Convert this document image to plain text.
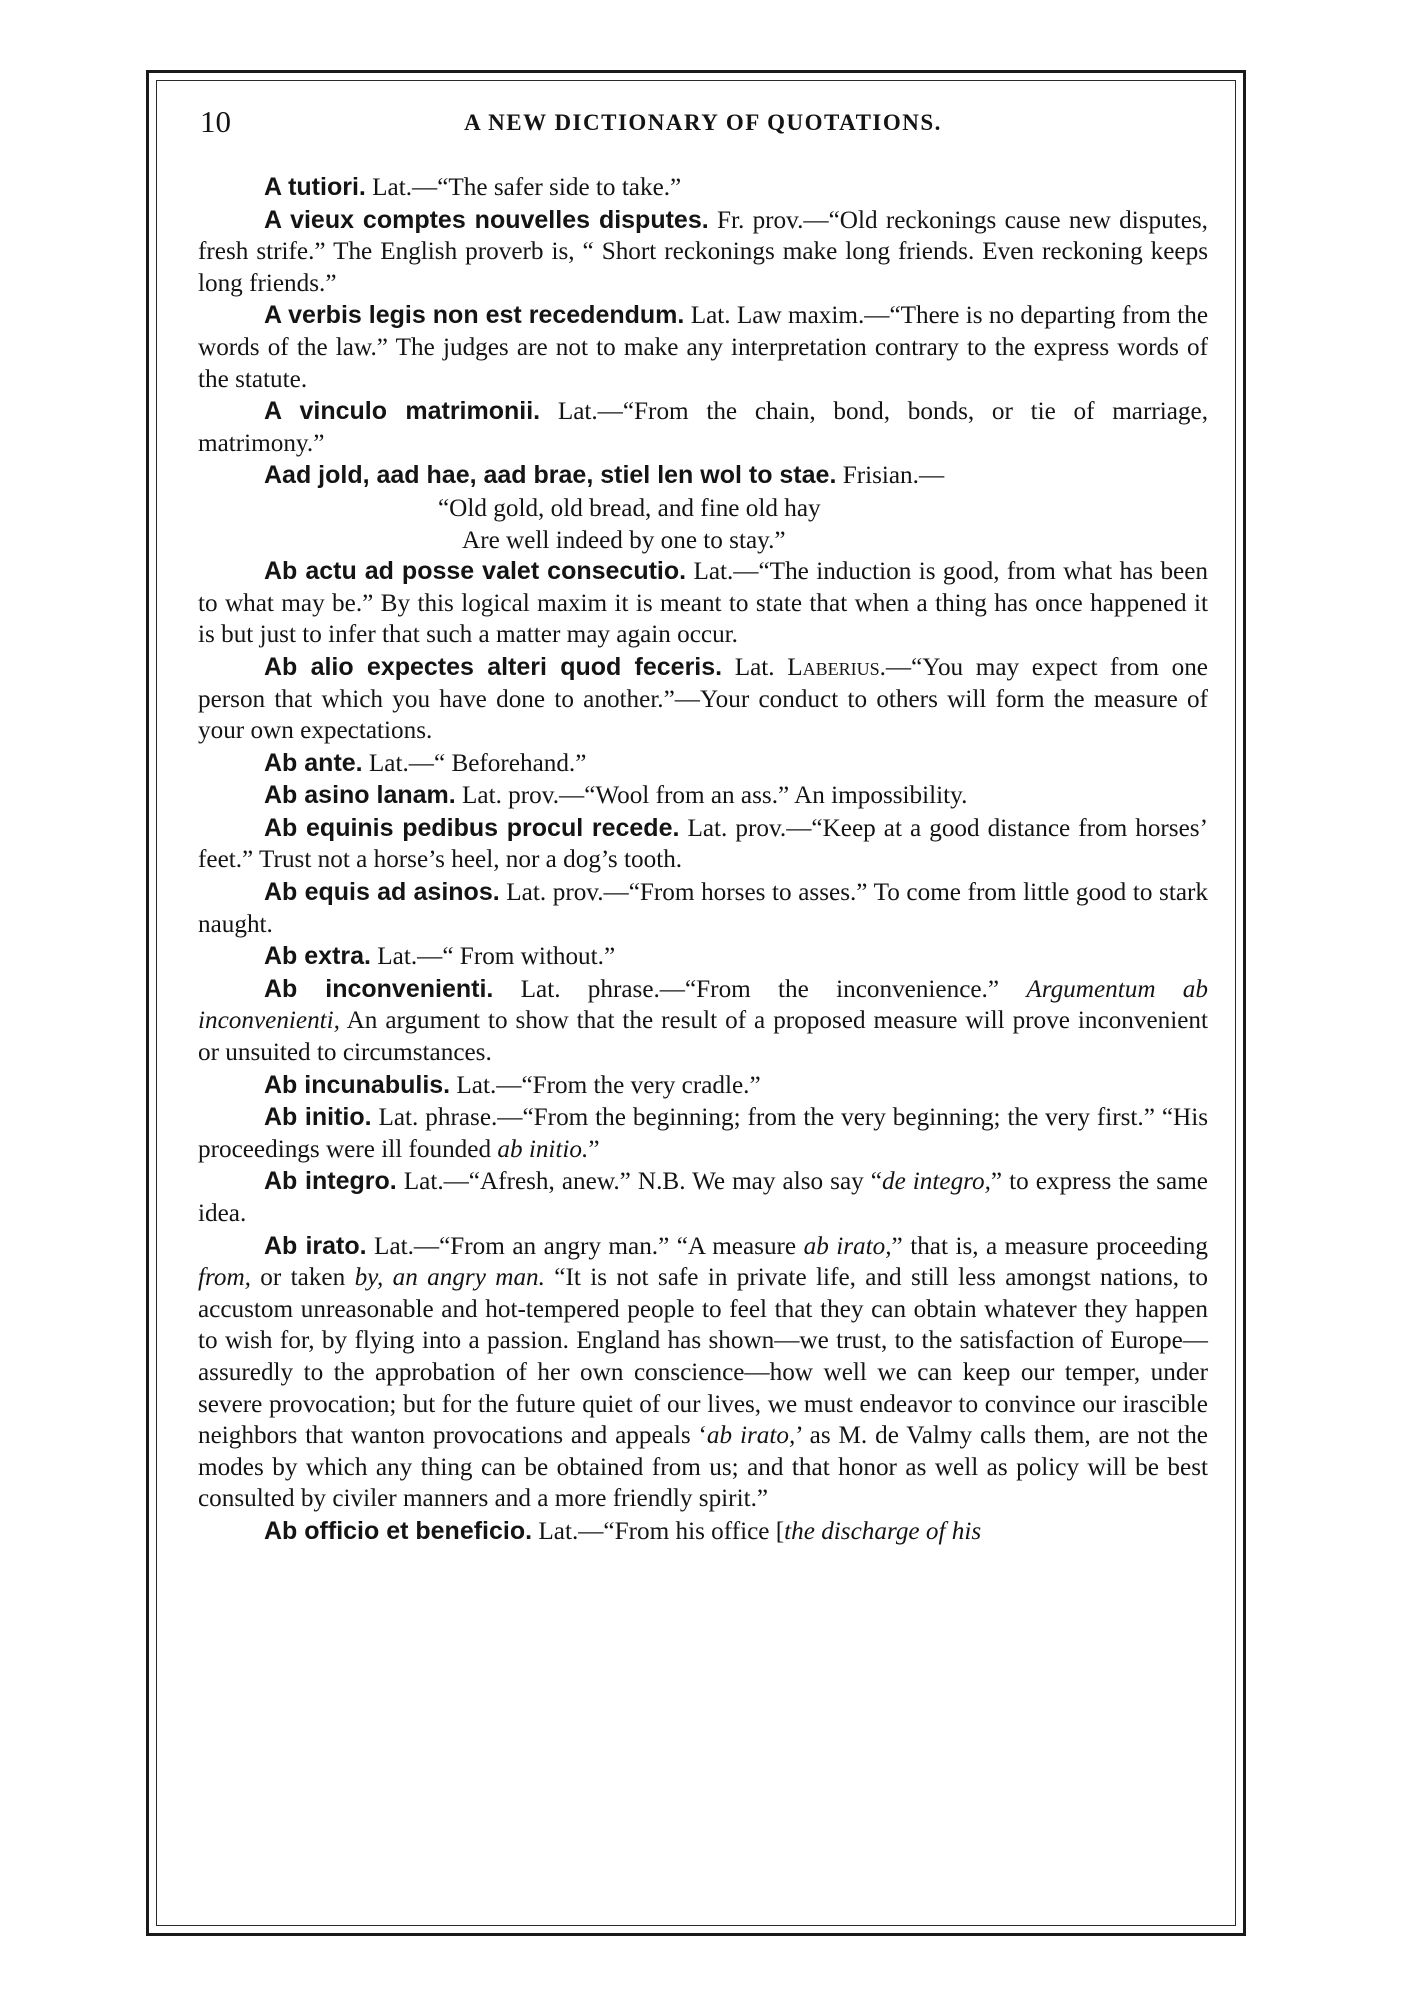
10	A NEW DICTIONARY OF QUOTATIONS.

A tutiori. Lat.—“The safer side to take.”

A vieux comptes nouvelles disputes. Fr. prov.—“Old reckonings cause new disputes, fresh strife.” The English proverb is, “ Short reckonings make long friends. Even reckoning keeps long friends.”

A verbis legis non est recedendum. Lat. Law maxim.—“There is no departing from the words of the law.” The judges are not to make any interpretation contrary to the express words of the statute.

A vinculo matrimonii. Lat.—“From the chain, bond, bonds, or tie of marriage, matrimony.”

Aad jold, aad hae, aad brae, stiel len wol to stae. Frisian.—

“Old gold, old bread, and fine old hay
Are well indeed by one to stay.”

Ab actu ad posse valet consecutio. Lat.—“The induction is good, from what has been to what may be.” By this logical maxim it is meant to state that when a thing has once happened it is but just to infer that such a matter may again occur.

Ab alio expectes alteri quod feceris. Lat. Laberius.—“You may expect from one person that which you have done to another.”—Your conduct to others will form the measure of your own expectations.

Ab ante. Lat.—“ Beforehand.”

Ab asino lanam. Lat. prov.—“Wool from an ass.” An impossibility.

Ab equinis pedibus procul recede. Lat. prov.—“Keep at a good distance from horses’ feet.” Trust not a horse’s heel, nor a dog’s tooth.

Ab equis ad asinos. Lat. prov.—“From horses to asses.” To come from little good to stark naught.

Ab extra. Lat.—“ From without.”

Ab inconvenienti. Lat. phrase.—“From the inconvenience.” Argumentum ab inconvenienti, An argument to show that the result of a proposed measure will prove inconvenient or unsuited to circumstances.

Ab incunabulis. Lat.—“From the very cradle.”

Ab initio. Lat. phrase.—“From the beginning; from the very beginning; the very first.” “His proceedings were ill founded ab initio.”

Ab integro. Lat.—“Afresh, anew.” N.B. We may also say “de integro,” to express the same idea.

Ab irato. Lat.—“From an angry man.” “A measure ab irato,” that is, a measure proceeding from, or taken by, an angry man. “It is not safe in private life, and still less amongst nations, to accustom unreasonable and hot-tempered people to feel that they can obtain whatever they happen to wish for, by flying into a passion. England has shown—we trust, to the satisfaction of Europe—assuredly to the approbation of her own conscience—how well we can keep our temper, under severe provocation; but for the future quiet of our lives, we must endeavor to convince our irascible neighbors that wanton provocations and appeals ‘ab irato,’ as M. de Valmy calls them, are not the modes by which any thing can be obtained from us; and that honor as well as policy will be best consulted by civiler manners and a more friendly spirit.”

Ab officio et beneficio. Lat.—“From his office [the discharge of his
